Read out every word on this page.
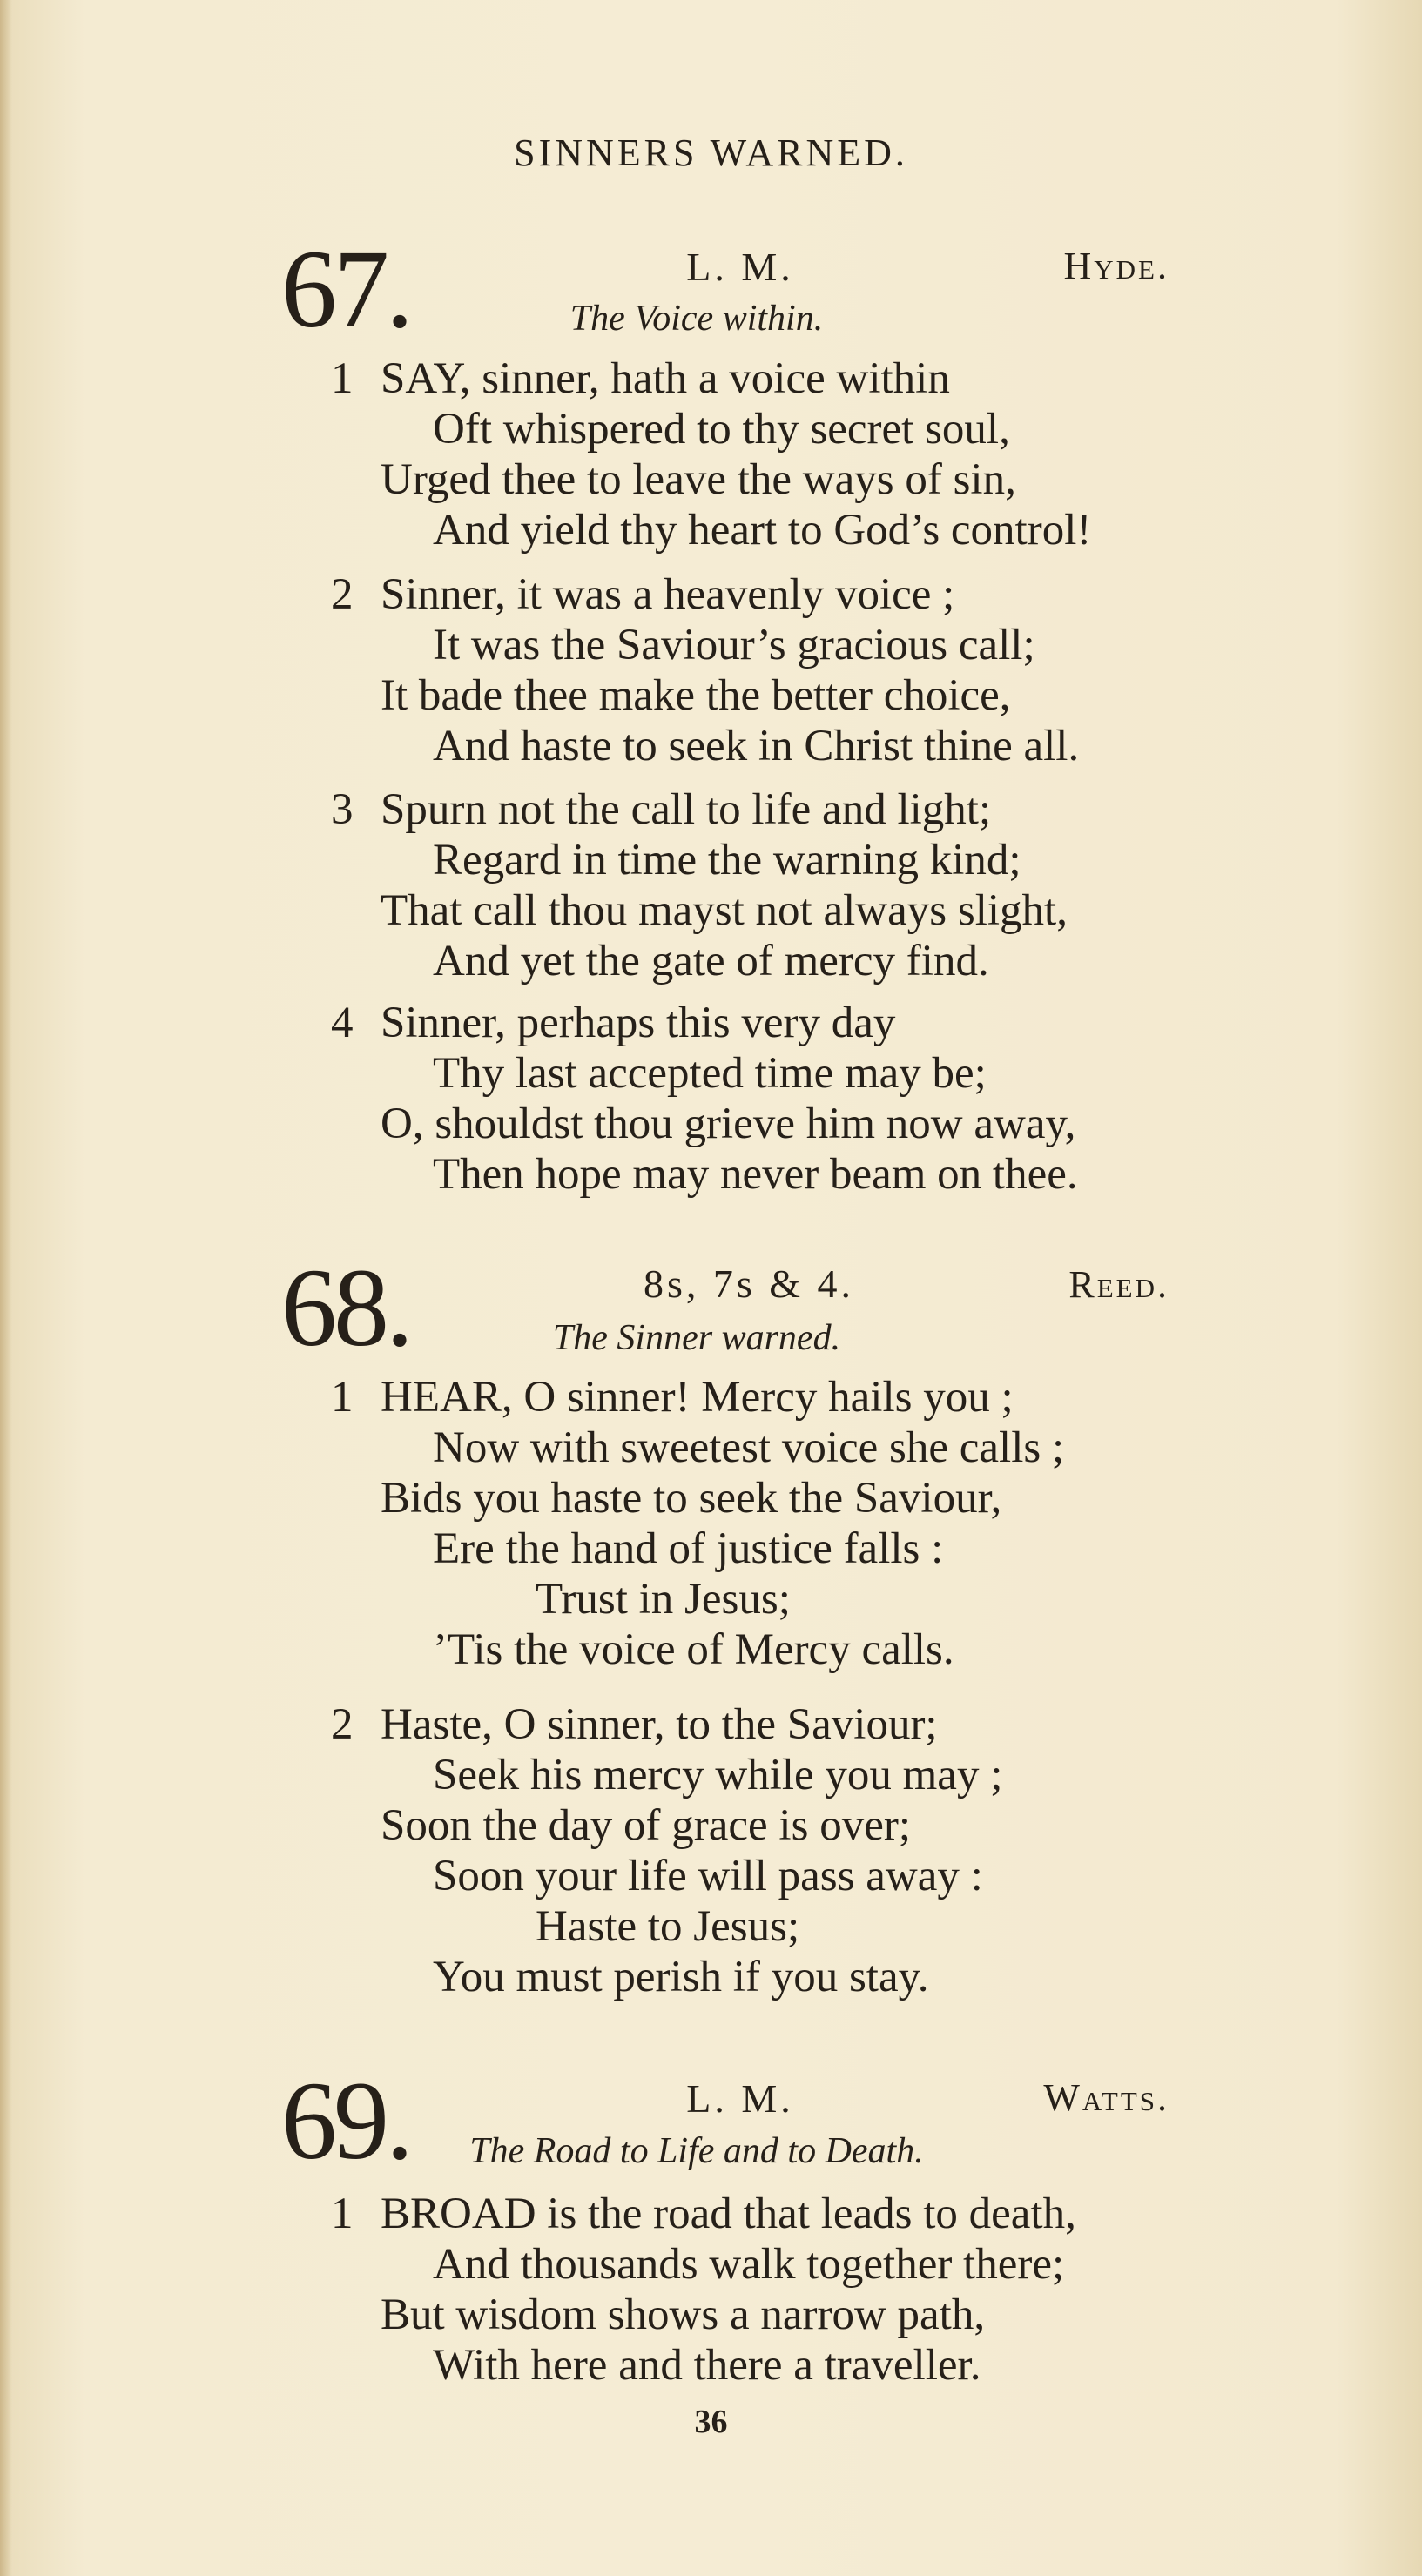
SINNERS WARNED.
67.	L. M.	Hyde.
The Voice within.
1 SAY, sinner, hath a voice within
Oft whispered to thy secret soul,
Urged thee to leave the ways of sin,
And yield thy heart to God’s control!
2 Sinner, it was a heavenly voice ;
It was the Saviour’s gracious call;
It bade thee make the better choice,
And haste to seek in Christ thine all.
3 Spurn not the call to life and light;
Regard in time the warning kind;
That call thou mayst not always slight,
And yet the gate of mercy find.
4 Sinner, perhaps this very day
Thy last accepted time may be;
O, shouldst thou grieve him now away,
Then hope may never beam on thee.
68.	8s, 7s & 4.	Reed.
The Sinner warned.
1 HEAR, O sinner! Mercy hails you ;
Now with sweetest voice she calls ;
Bids you haste to seek the Saviour,
Ere the hand of justice falls :
Trust in Jesus;
’Tis the voice of Mercy calls.
2 Haste, O sinner, to the Saviour;
Seek his mercy while you may ;
Soon the day of grace is over;
Soon your life will pass away :
Haste to Jesus;
You must perish if you stay.
69.	L. M.	Watts.
The Road to Life and to Death.
1 BROAD is the road that leads to death,
And thousands walk together there;
But wisdom shows a narrow path,
With here and there a traveller.
36
